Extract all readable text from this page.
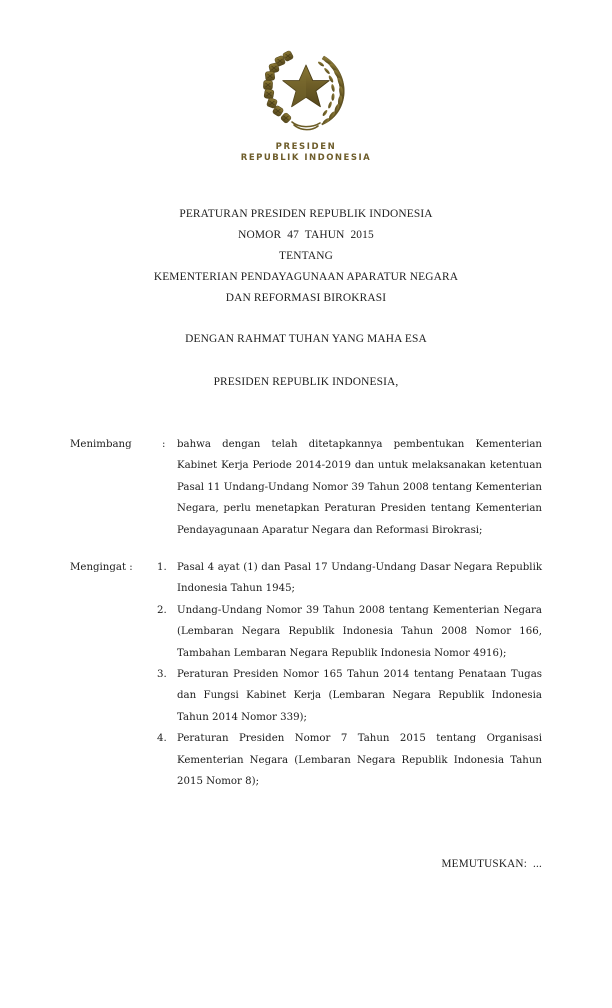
PRESIDEN
REPUBLIK INDONESIA
PERATURAN PRESIDEN REPUBLIK INDONESIA
NOMOR  47  TAHUN  2015
TENTANG
KEMENTERIAN PENDAYAGUNAAN APARATUR NEGARA
DAN REFORMASI BIROKRASI
DENGAN RAHMAT TUHAN YANG MAHA ESA
PRESIDEN REPUBLIK INDONESIA,
Menimbang	:	bahwa dengan telah ditetapkannya pembentukan Kementerian Kabinet Kerja Periode 2014-2019 dan untuk melaksanakan ketentuan Pasal 11 Undang-Undang Nomor 39 Tahun 2008 tentang Kementerian Negara, perlu menetapkan Peraturan Presiden tentang Kementerian Pendayagunaan Aparatur Negara dan Reformasi Birokrasi;

Mengingat :	1.	Pasal 4 ayat (1) dan Pasal 17 Undang-Undang Dasar Negara Republik Indonesia Tahun 1945;
2.	Undang-Undang Nomor 39 Tahun 2008 tentang Kementerian Negara (Lembaran Negara Republik Indonesia Tahun 2008 Nomor 166, Tambahan Lembaran Negara Republik Indonesia Nomor 4916);
3.	Peraturan Presiden Nomor 165 Tahun 2014 tentang Penataan Tugas dan Fungsi Kabinet Kerja (Lembaran Negara Republik Indonesia Tahun 2014 Nomor 339);
4.	Peraturan Presiden Nomor 7 Tahun 2015 tentang Organisasi Kementerian Negara (Lembaran Negara Republik Indonesia Tahun 2015 Nomor 8);
MEMUTUSKAN:  ...
